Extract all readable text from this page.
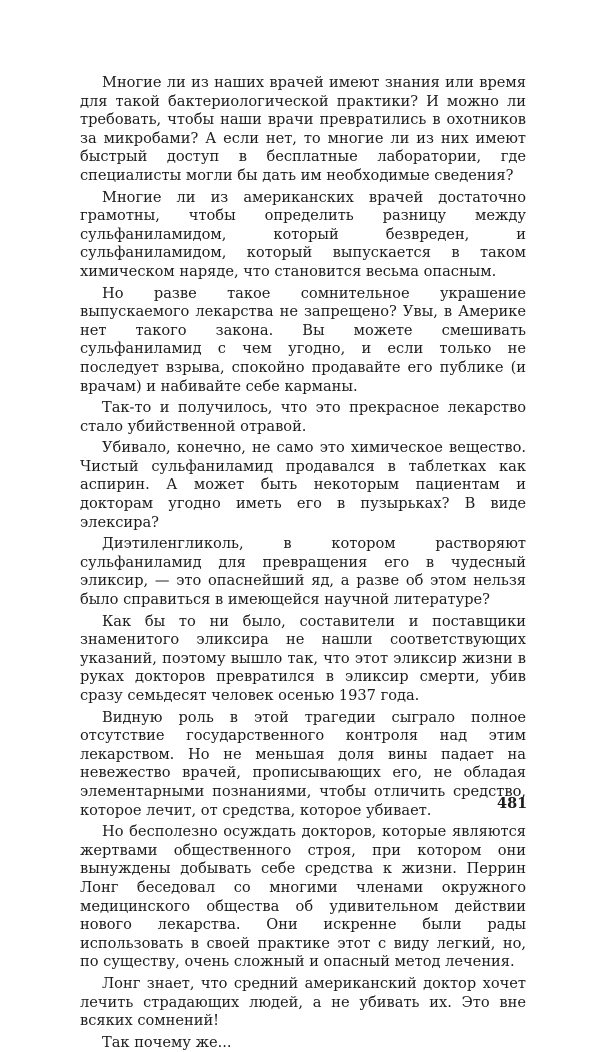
Многие ли из наших врачей имеют знания или время для такой бактериологической практики? И можно ли требовать, чтобы наши врачи превратились в охотников за микробами? А если нет, то многие ли из них имеют быстрый доступ в бесплатные лаборатории, где специалисты могли бы дать им необходимые сведения?

Многие ли из американских врачей достаточно грамотны, чтобы определить разницу между сульфаниламидом, который безвреден, и сульфаниламидом, который выпускается в таком химическом наряде, что становится весьма опасным.

Но разве такое сомнительное украшение выпускаемого лекарства не запрещено? Увы, в Америке нет такого закона. Вы можете смешивать сульфаниламид с чем угодно, и если только не последует взрыва, спокойно продавайте его публике (и врачам) и набивайте себе карманы.

Так-то и получилось, что это прекрасное лекарство стало убийственной отравой.

Убивало, конечно, не само это химическое вещество. Чистый сульфаниламид продавался в таблетках как аспирин. А может быть некоторым пациентам и докторам угодно иметь его в пузырьках? В виде элексира?

Диэтиленгликоль, в котором растворяют сульфаниламид для превращения его в чудесный эликсир, — это опаснейший яд, а разве об этом нельзя было справиться в имеющейся научной литературе?

Как бы то ни было, составители и поставщики знаменитого эликсира не нашли соответствующих указаний, поэтому вышло так, что этот эликсир жизни в руках докторов превратился в эликсир смерти, убив сразу семьдесят человек осенью 1937 года.

Видную роль в этой трагедии сыграло полное отсутствие государственного контроля над этим лекарством. Но не меньшая доля вины падает на невежество врачей, прописывающих его, не обладая элементарными познаниями, чтобы отличить средство, которое лечит, от средства, которое убивает.

Но бесполезно осуждать докторов, которые являются жертвами общественного строя, при котором они вынуждены добывать себе средства к жизни. Перрин Лонг беседовал со многими членами окружного медицинского общества об удивительном действии нового лекарства. Они искренне были рады использовать в своей практике этот с виду легкий, но, по существу, очень сложный и опасный метод лечения.

Лонг знает, что средний американский доктор хочет лечить страдающих людей, а не убивать их. Это вне всяких сомнений!

Так почему же...

481
